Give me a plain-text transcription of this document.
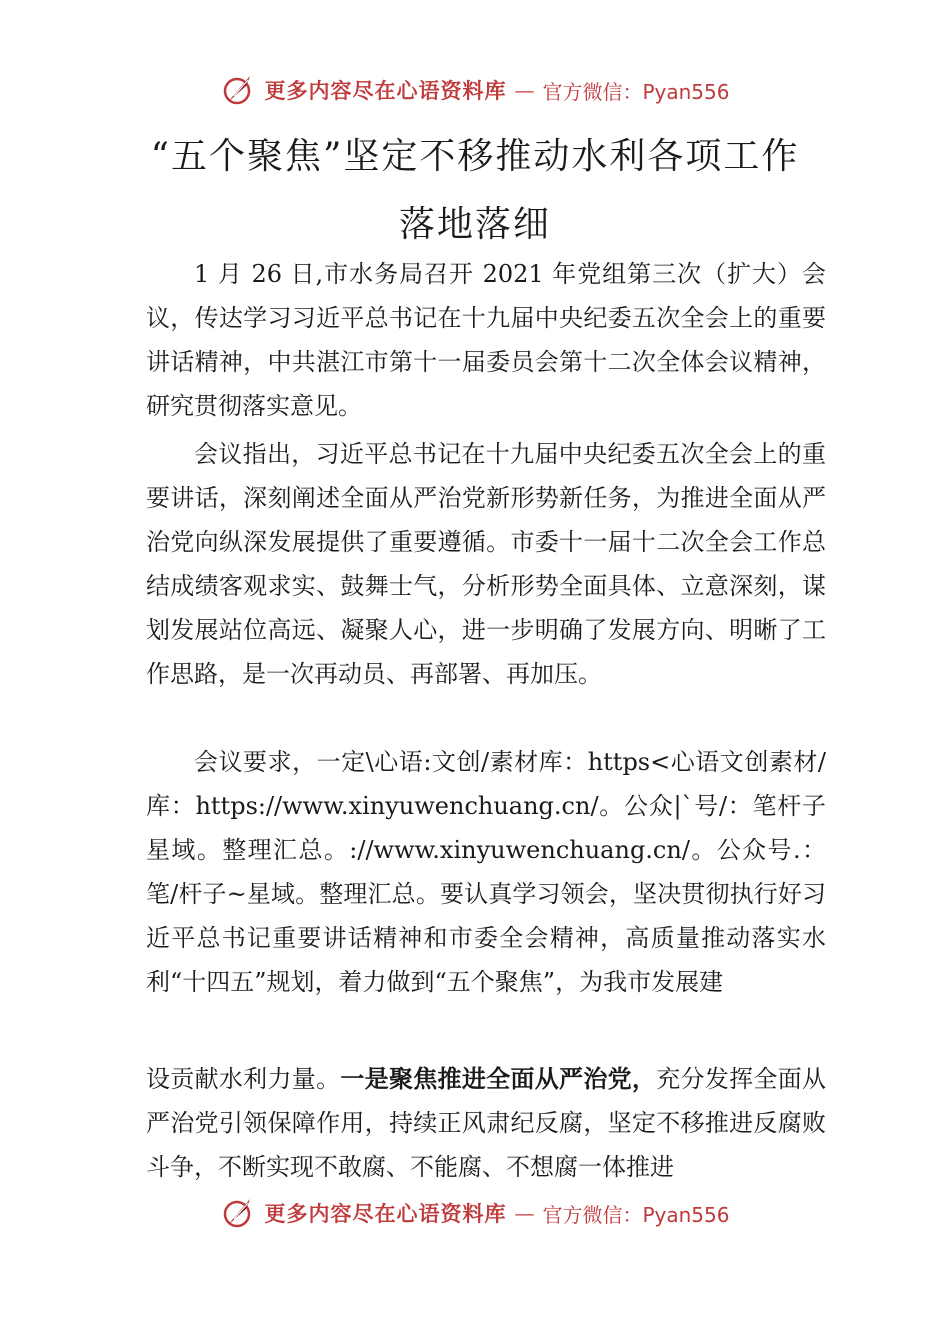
更多内容尽在心语资料库 — 官方微信：Pyan556
“五个聚焦”坚定不移推动水利各项工作
落地落细

1 月 26 日,市水务局召开 2021 年党组第三次（扩大）会议，传达学习习近平总书记在十九届中央纪委五次全会上的重要讲话精神，中共湛江市第十一届委员会第十二次全体会议精神，研究贯彻落实意见。

会议指出，习近平总书记在十九届中央纪委五次全会上的重要讲话，深刻阐述全面从严治党新形势新任务，为推进全面从严治党向纵深发展提供了重要遵循。市委十一届十二次全会工作总结成绩客观求实、鼓舞士气，分析形势全面具体、立意深刻，谋划发展站位高远、凝聚人心，进一步明确了发展方向、明晰了工作思路，是一次再动员、再部署、再加压。

会议要求，一定\心语:文创/素材库：https<心语文创素材/库：https://www.xinyuwenchuang.cn/。公众|`号/：笔杆子星域。整理汇总。://www.xinyuwenchuang.cn/。公众号.：笔/杆子~星域。整理汇总。要认真学习领会，坚决贯彻执行好习近平总书记重要讲话精神和市委全会精神，高质量推动落实水利“十四五”规划，着力做到“五个聚焦”，为我市发展建

设贡献水利力量。一是聚焦推进全面从严治党，充分发挥全面从严治党引领保障作用，持续正风肃纪反腐，坚定不移推进反腐败斗争，不断实现不敢腐、不能腐、不想腐一体推进

更多内容尽在心语资料库 — 官方微信：Pyan556
